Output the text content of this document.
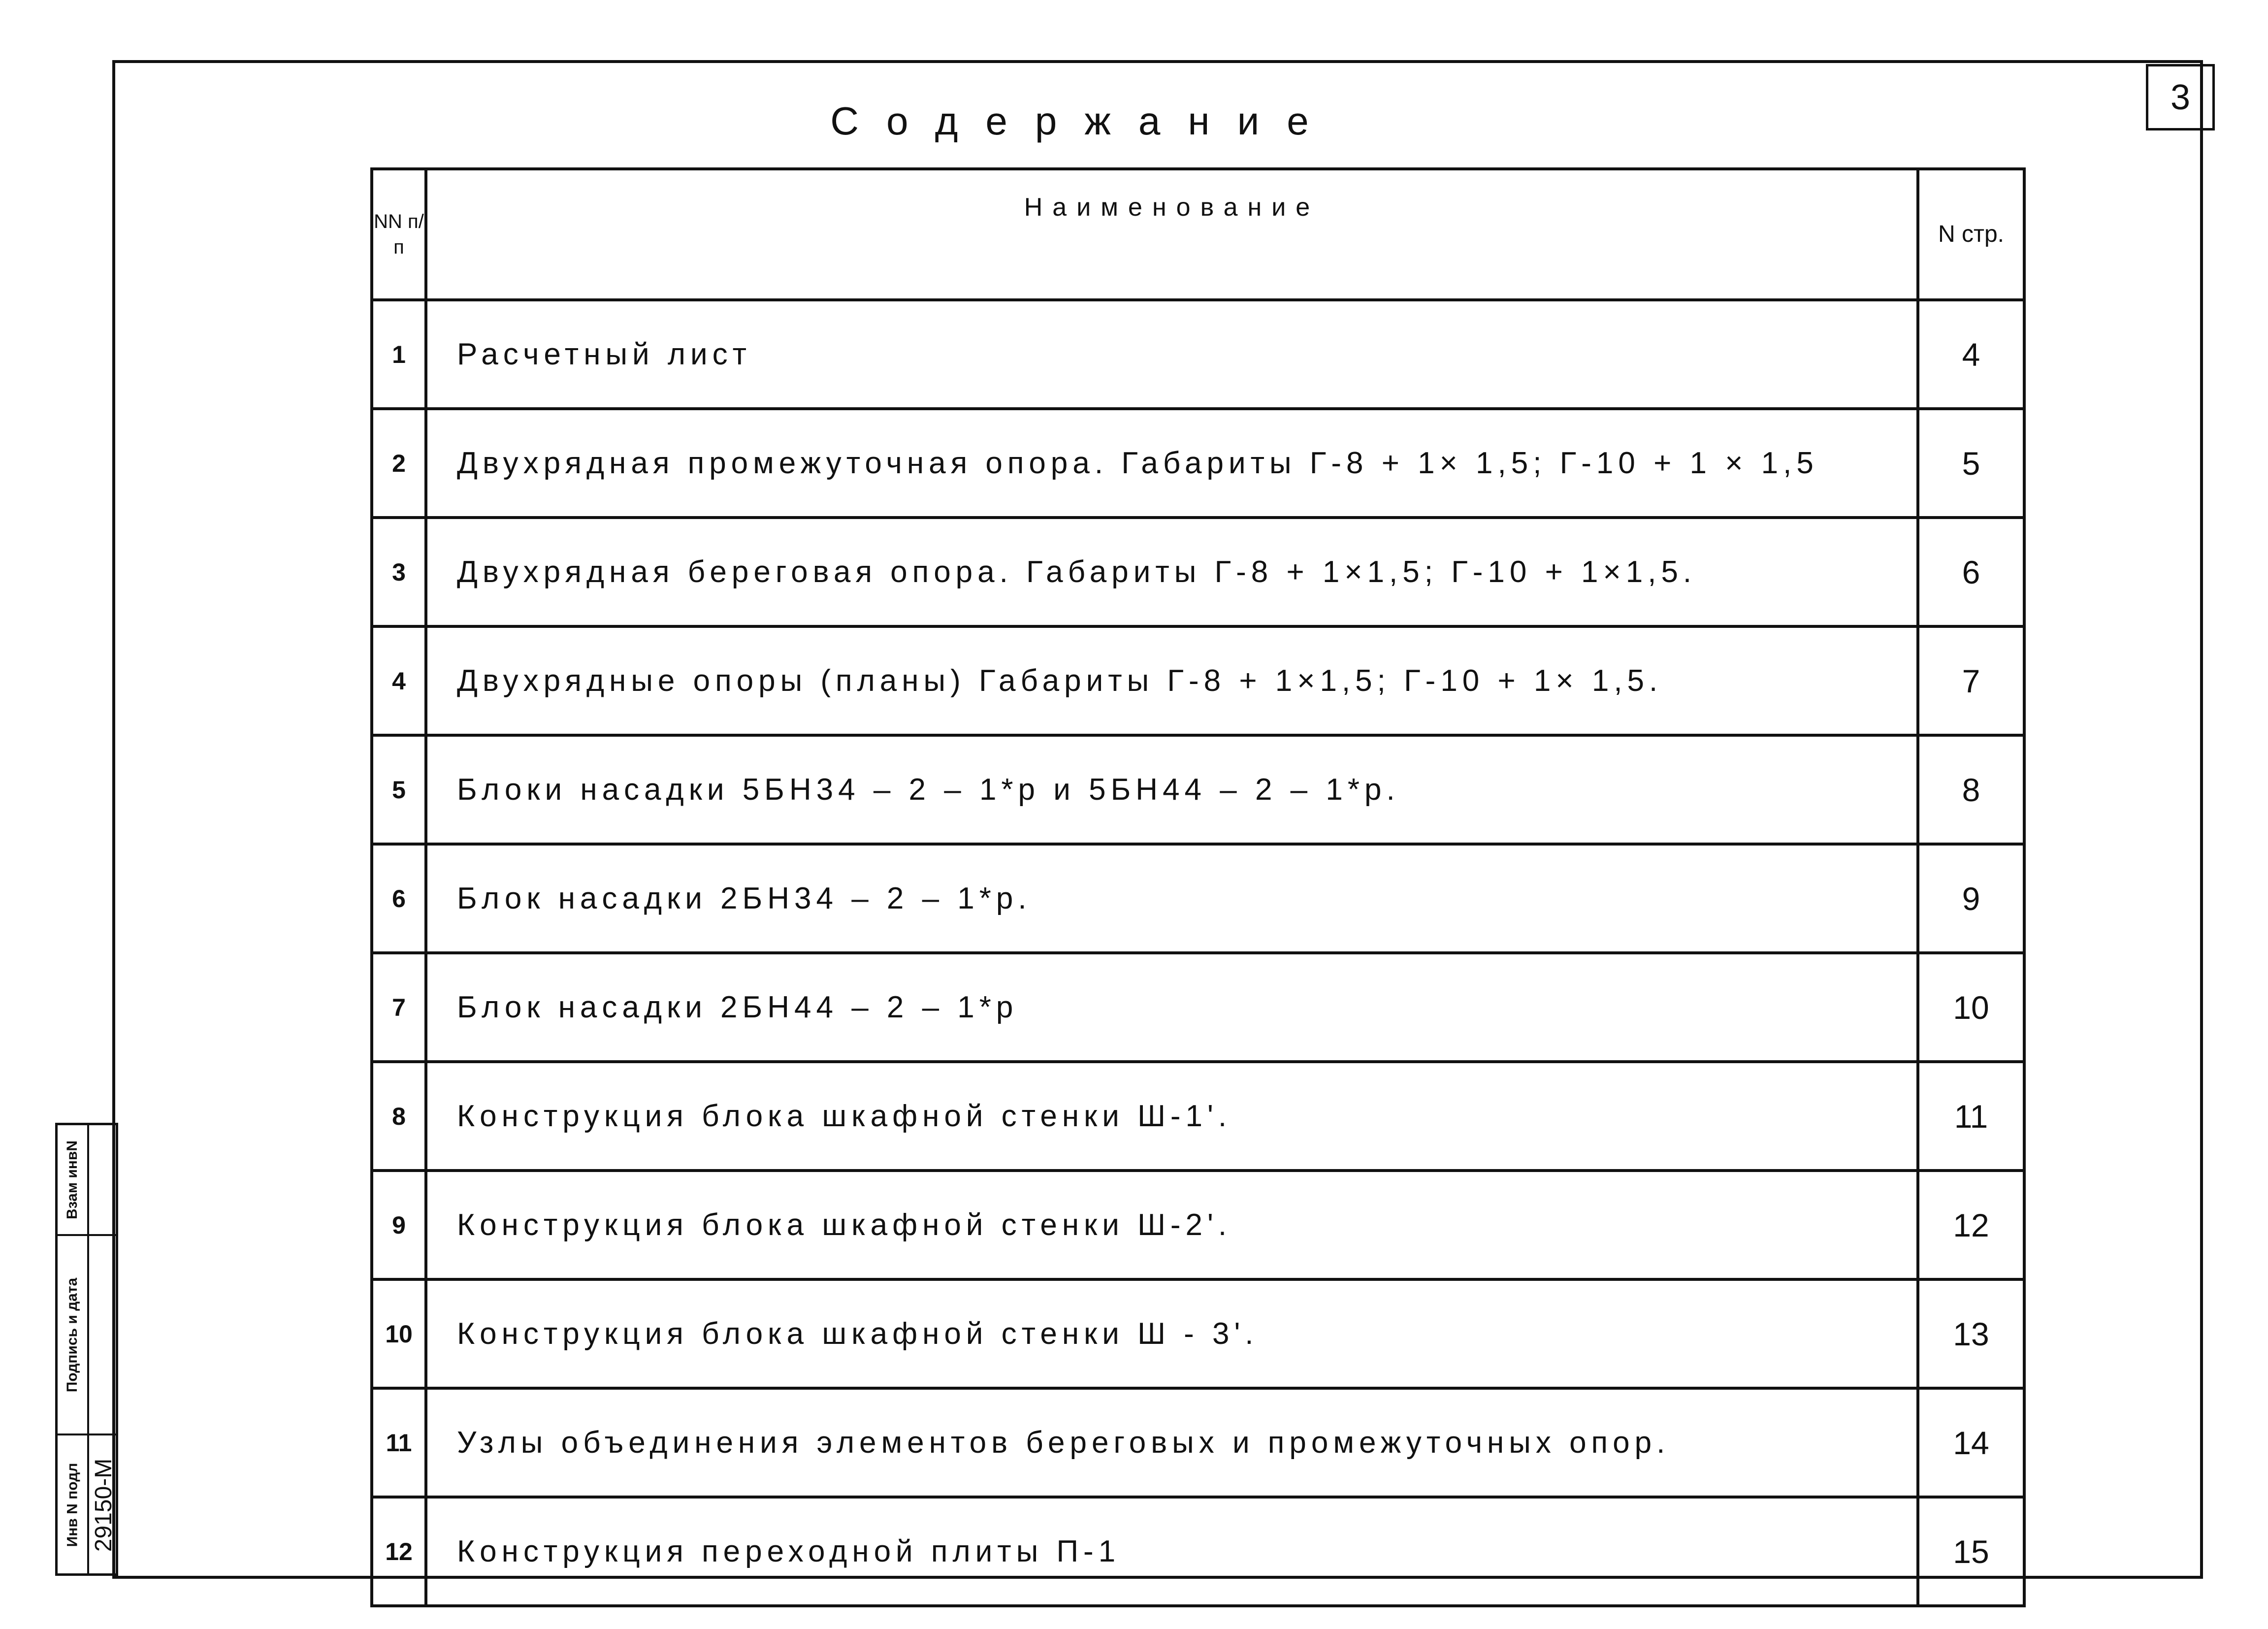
3
Содержание
NN п/п	Наименование	N стр.
1	Расчетный лист	4
2	Двухрядная промежуточная опора. Габариты Г-8 + 1× 1,5; Г-10 + 1 × 1,5	5
3	Двухрядная береговая опора. Габариты Г-8 + 1×1,5; Г-10 + 1×1,5.	6
4	Двухрядные опоры (планы) Габариты Г-8 + 1×1,5; Г-10 + 1× 1,5.	7
5	Блоки насадки 5БН34 – 2 – 1*р и 5БН44 – 2 – 1*р.	8
6	Блок насадки 2БН34 – 2 – 1*р.	9
7	Блок насадки 2БН44 – 2 – 1*р	10
8	Конструкция блока шкафной стенки Ш-1'.	11
9	Конструкция блока шкафной стенки Ш-2'.	12
10	Конструкция блока шкафной стенки Ш - 3'.	13
11	Узлы объединения элементов береговых и промежуточных опор.	14
12	Конструкция переходной плиты П-1	15
Взам инвN
Подпись и дата
Инв N подл 29150-М
